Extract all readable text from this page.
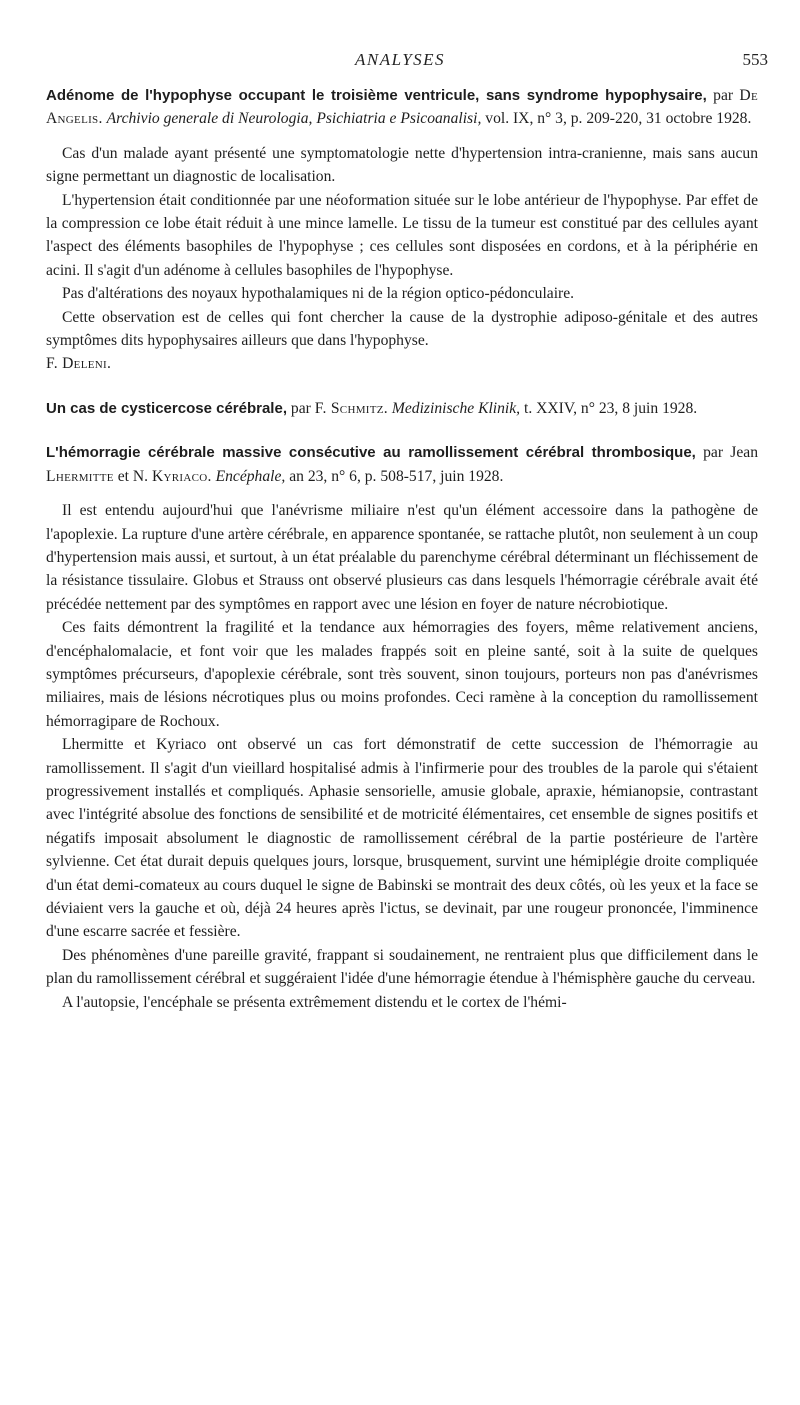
ANALYSES	553

Adénome de l'hypophyse occupant le troisième ventricule, sans syndrome hypophysaire, par De Angelis. Archivio generale di Neurologia, Psichiatria e Psicoanalisi, vol. IX, n° 3, p. 209-220, 31 octobre 1928.

Cas d'un malade ayant présenté une symptomatologie nette d'hypertension intra-cranienne, mais sans aucun signe permettant un diagnostic de localisation.

L'hypertension était conditionnée par une néoformation située sur le lobe antérieur de l'hypophyse. Par effet de la compression ce lobe était réduit à une mince lamelle. Le tissu de la tumeur est constitué par des cellules ayant l'aspect des éléments basophiles de l'hypophyse ; ces cellules sont disposées en cordons, et à la périphérie en acini. Il s'agit d'un adénome à cellules basophiles de l'hypophyse.

Pas d'altérations des noyaux hypothalamiques ni de la région optico-pédonculaire.

Cette observation est de celles qui font chercher la cause de la dystrophie adiposo-génitale et des autres symptômes dits hypophysaires ailleurs que dans l'hypophyse.

F. Deleni.

Un cas de cysticercose cérébrale, par F. Schmitz. Medizinische Klinik, t. XXIV, n° 23, 8 juin 1928.

L'hémorragie cérébrale massive consécutive au ramollissement cérébral thrombosique, par Jean Lhermitte et N. Kyriaco. Encéphale, an 23, n° 6, p. 508-517, juin 1928.

Il est entendu aujourd'hui que l'anévrisme miliaire n'est qu'un élément accessoire dans la pathogène de l'apoplexie. La rupture d'une artère cérébrale, en apparence spontanée, se rattache plutôt, non seulement à un coup d'hypertension mais aussi, et surtout, à un état préalable du parenchyme cérébral déterminant un fléchissement de la résistance tissulaire. Globus et Strauss ont observé plusieurs cas dans lesquels l'hémorragie cérébrale avait été précédée nettement par des symptômes en rapport avec une lésion en foyer de nature nécrobiotique.

Ces faits démontrent la fragilité et la tendance aux hémorragies des foyers, même relativement anciens, d'encéphalomalacie, et font voir que les malades frappés soit en pleine santé, soit à la suite de quelques symptômes précurseurs, d'apoplexie cérébrale, sont très souvent, sinon toujours, porteurs non pas d'anévrismes miliaires, mais de lésions nécrotiques plus ou moins profondes. Ceci ramène à la conception du ramollissement hémorragipare de Rochoux.

Lhermitte et Kyriaco ont observé un cas fort démonstratif de cette succession de l'hémorragie au ramollissement. Il s'agit d'un vieillard hospitalisé admis à l'infirmerie pour des troubles de la parole qui s'étaient progressivement installés et compliqués. Aphasie sensorielle, amusie globale, apraxie, hémianopsie, contrastant avec l'intégrité absolue des fonctions de sensibilité et de motricité élémentaires, cet ensemble de signes positifs et négatifs imposait absolument le diagnostic de ramollissement cérébral de la partie postérieure de l'artère sylvienne. Cet état durait depuis quelques jours, lorsque, brusquement, survint une hémiplégie droite compliquée d'un état demi-comateux au cours duquel le signe de Babinski se montrait des deux côtés, où les yeux et la face se déviaient vers la gauche et où, déjà 24 heures après l'ictus, se devinait, par une rougeur prononcée, l'imminence d'une escarre sacrée et fessière.

Des phénomènes d'une pareille gravité, frappant si soudainement, ne rentraient plus que difficilement dans le plan du ramollissement cérébral et suggéraient l'idée d'une hémorragie étendue à l'hémisphère gauche du cerveau.

A l'autopsie, l'encéphale se présenta extrêmement distendu et le cortex de l'hémi-
